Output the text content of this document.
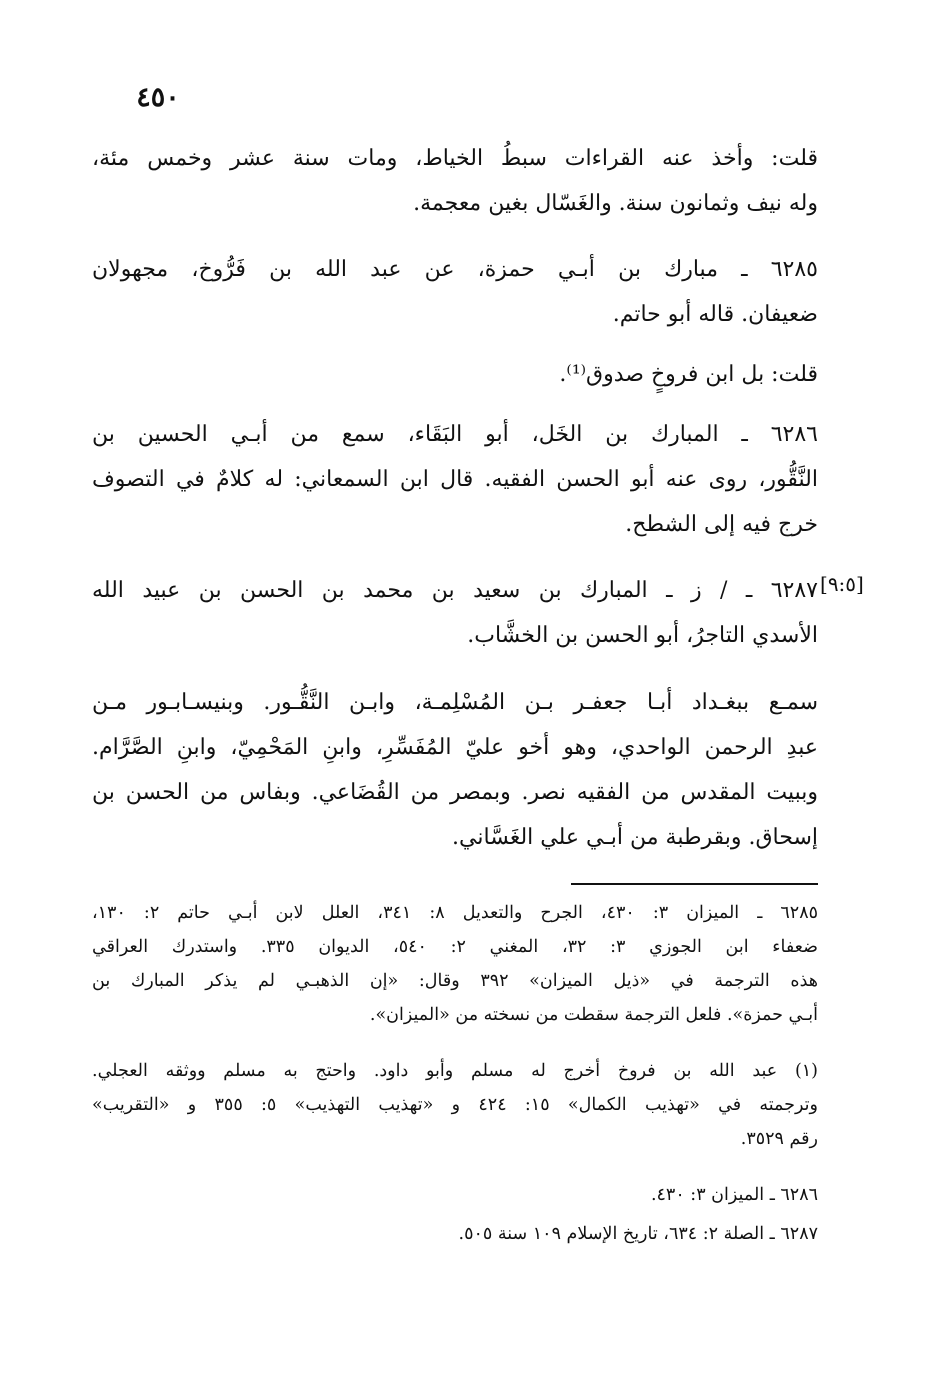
٤٥٠
قلت: وأخذ عنه القراءات سبطُ الخياط، ومات سنة عشر وخمس مئة،
وله نيف وثمانون سنة. والغَسّال بغين معجمة.
٦٢٨٥ ـ مبارك بن أبـي حمزة، عن عبد الله بن فَرُّوخ، مجهولان
ضعيفان. قاله أبو حاتم.
قلت: بل ابن فروخٍ صدوق⁽¹⁾.
٦٢٨٦ ـ المبارك بن الخَل، أبو البَقَاء، سمع من أبـي الحسين بن
النَّقُّور، روى عنه أبو الحسن الفقيه. قال ابن السمعاني: له كلامٌ في التصوف
خرج فيه إلى الشطح.
[٩:٥]
٦٢٨٧ ـ / ز ـ المبارك بن سعيد بن محمد بن الحسن بن عبيد الله
الأسدي التاجرُ، أبو الحسن بن الخشَّاب.
سمـع ببغـداد أبـا جعفـر بـن المُسْلِمـة، وابـن النَّقُّـور. وبنيسـابـور مـن
عبدِ الرحمن الواحدي، وهو أخو عليّ المُفَسِّرِ، وابنِ المَحْمِيّ، وابنِ الصَّرَّام.
وببيت المقدس من الفقيه نصر. وبمصر من القُضَاعي. وبفاس من الحسن بن
إسحاق. وبقرطبة من أبـي علي الغَسَّاني.
٦٢٨٥ ـ الميزان ٣: ٤٣٠، الجرح والتعديل ٨: ٣٤١، العلل لابن أبـي حاتم ٢: ١٣٠،
ضعفاء ابن الجوزي ٣: ٣٢، المغني ٢: ٥٤٠، الديوان ٣٣٥. واستدرك العراقي
هذه الترجمة في «ذيل الميزان» ٣٩٢ وقال: «إن الذهبـي لم يذكر المبارك بن
أبـي حمزة». فلعل الترجمة سقطت من نسخته من «الميزان».
(١) عبد الله بن فروخ أخرج له مسلم وأبو داود. واحتج به مسلم ووثقه العجلي.
وترجمته في «تهذيب الكمال» ١٥: ٤٢٤ و «تهذيب التهذيب» ٥: ٣٥٥ و «التقريب»
رقم ٣٥٢٩.
٦٢٨٦ ـ الميزان ٣: ٤٣٠.
٦٢٨٧ ـ الصلة ٢: ٦٣٤، تاريخ الإسلام ١٠٩ سنة ٥٠٥.
